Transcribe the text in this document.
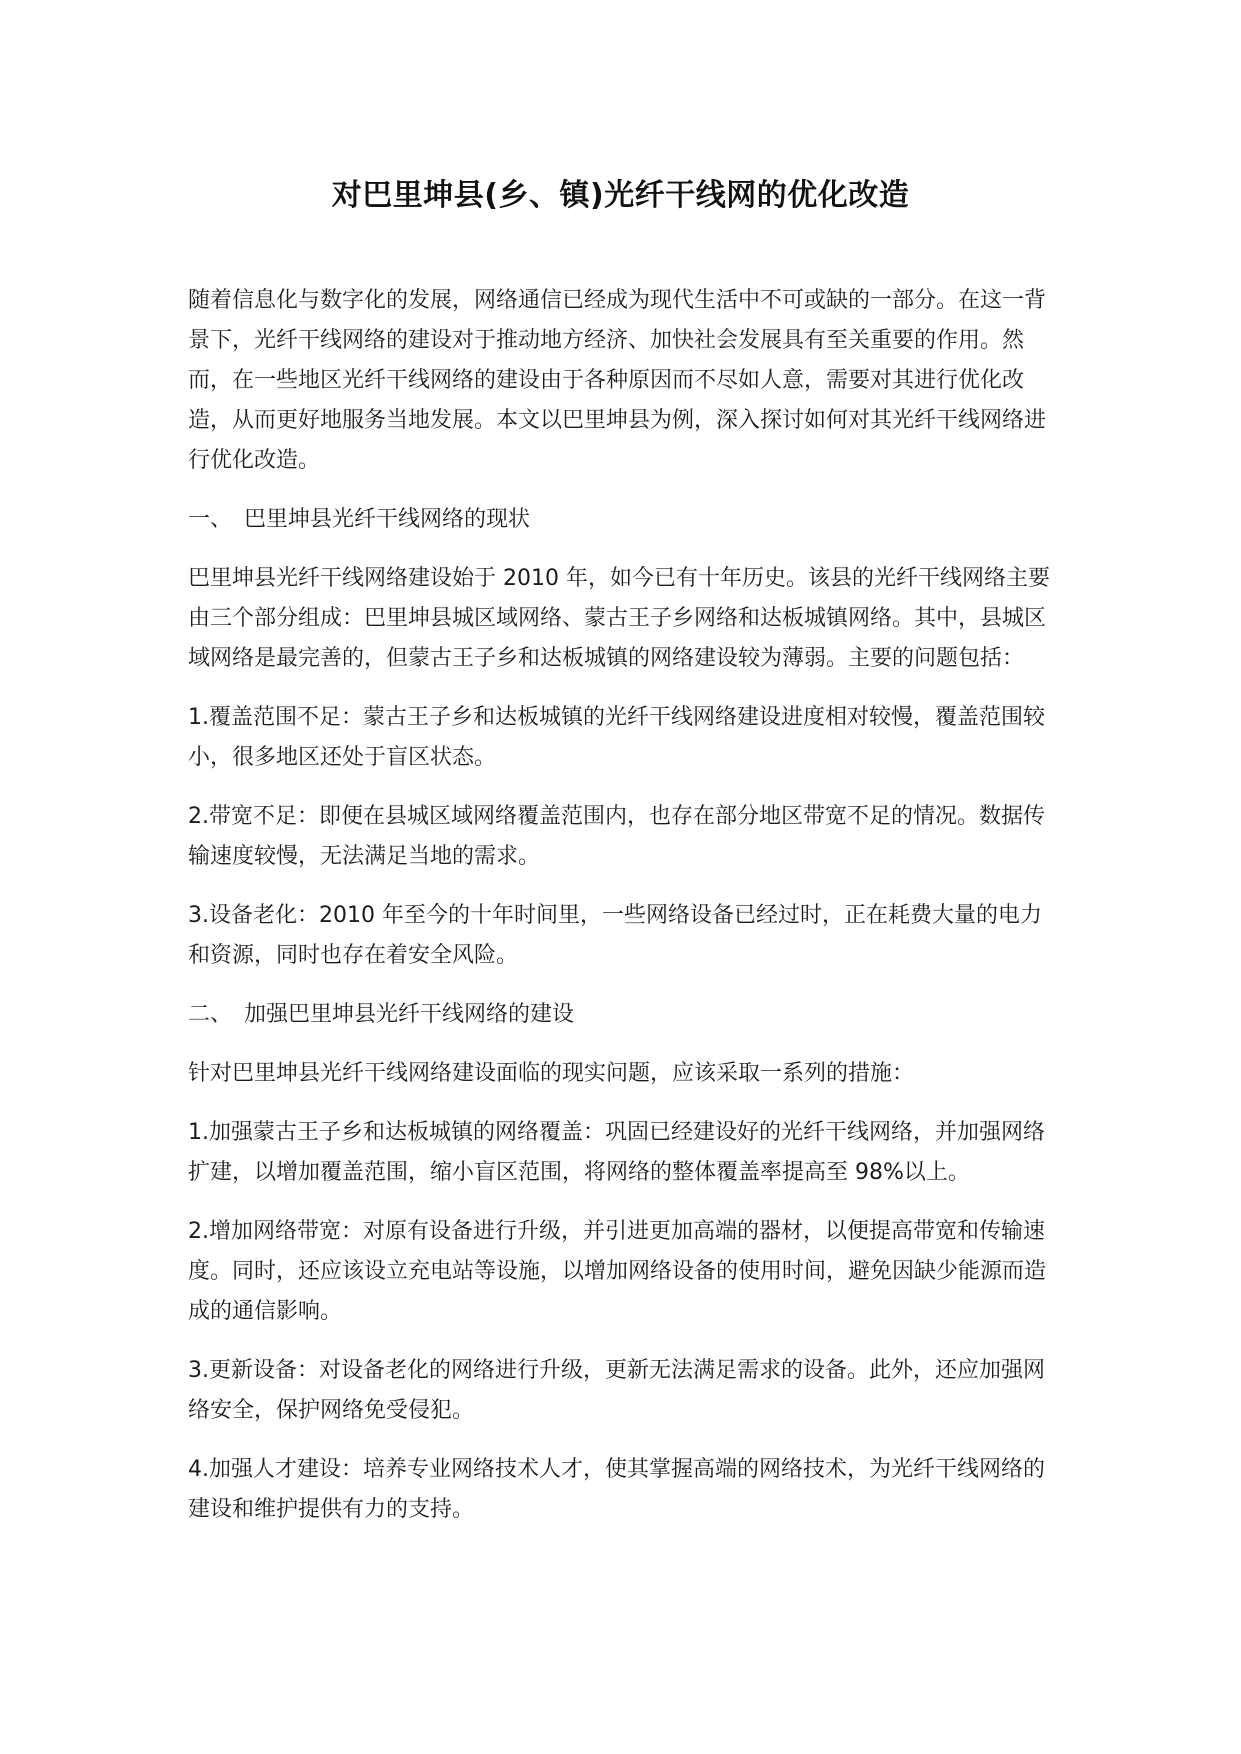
对巴里坤县(乡、镇)光纤干线网的优化改造

随着信息化与数字化的发展，网络通信已经成为现代生活中不可或缺的一部分。在这一背景下，光纤干线网络的建设对于推动地方经济、加快社会发展具有至关重要的作用。然而，在一些地区光纤干线网络的建设由于各种原因而不尽如人意，需要对其进行优化改造，从而更好地服务当地发展。本文以巴里坤县为例，深入探讨如何对其光纤干线网络进行优化改造。

一、 巴里坤县光纤干线网络的现状

巴里坤县光纤干线网络建设始于 2010 年，如今已有十年历史。该县的光纤干线网络主要由三个部分组成：巴里坤县城区域网络、蒙古王子乡网络和达板城镇网络。其中，县城区域网络是最完善的，但蒙古王子乡和达板城镇的网络建设较为薄弱。主要的问题包括：

1.覆盖范围不足：蒙古王子乡和达板城镇的光纤干线网络建设进度相对较慢，覆盖范围较小，很多地区还处于盲区状态。

2.带宽不足：即便在县城区域网络覆盖范围内，也存在部分地区带宽不足的情况。数据传输速度较慢，无法满足当地的需求。

3.设备老化：2010 年至今的十年时间里，一些网络设备已经过时，正在耗费大量的电力和资源，同时也存在着安全风险。

二、 加强巴里坤县光纤干线网络的建设

针对巴里坤县光纤干线网络建设面临的现实问题，应该采取一系列的措施：

1.加强蒙古王子乡和达板城镇的网络覆盖：巩固已经建设好的光纤干线网络，并加强网络扩建，以增加覆盖范围，缩小盲区范围，将网络的整体覆盖率提高至 98%以上。

2.增加网络带宽：对原有设备进行升级，并引进更加高端的器材，以便提高带宽和传输速度。同时，还应该设立充电站等设施，以增加网络设备的使用时间，避免因缺少能源而造成的通信影响。

3.更新设备：对设备老化的网络进行升级，更新无法满足需求的设备。此外，还应加强网络安全，保护网络免受侵犯。

4.加强人才建设：培养专业网络技术人才，使其掌握高端的网络技术，为光纤干线网络的建设和维护提供有力的支持。
